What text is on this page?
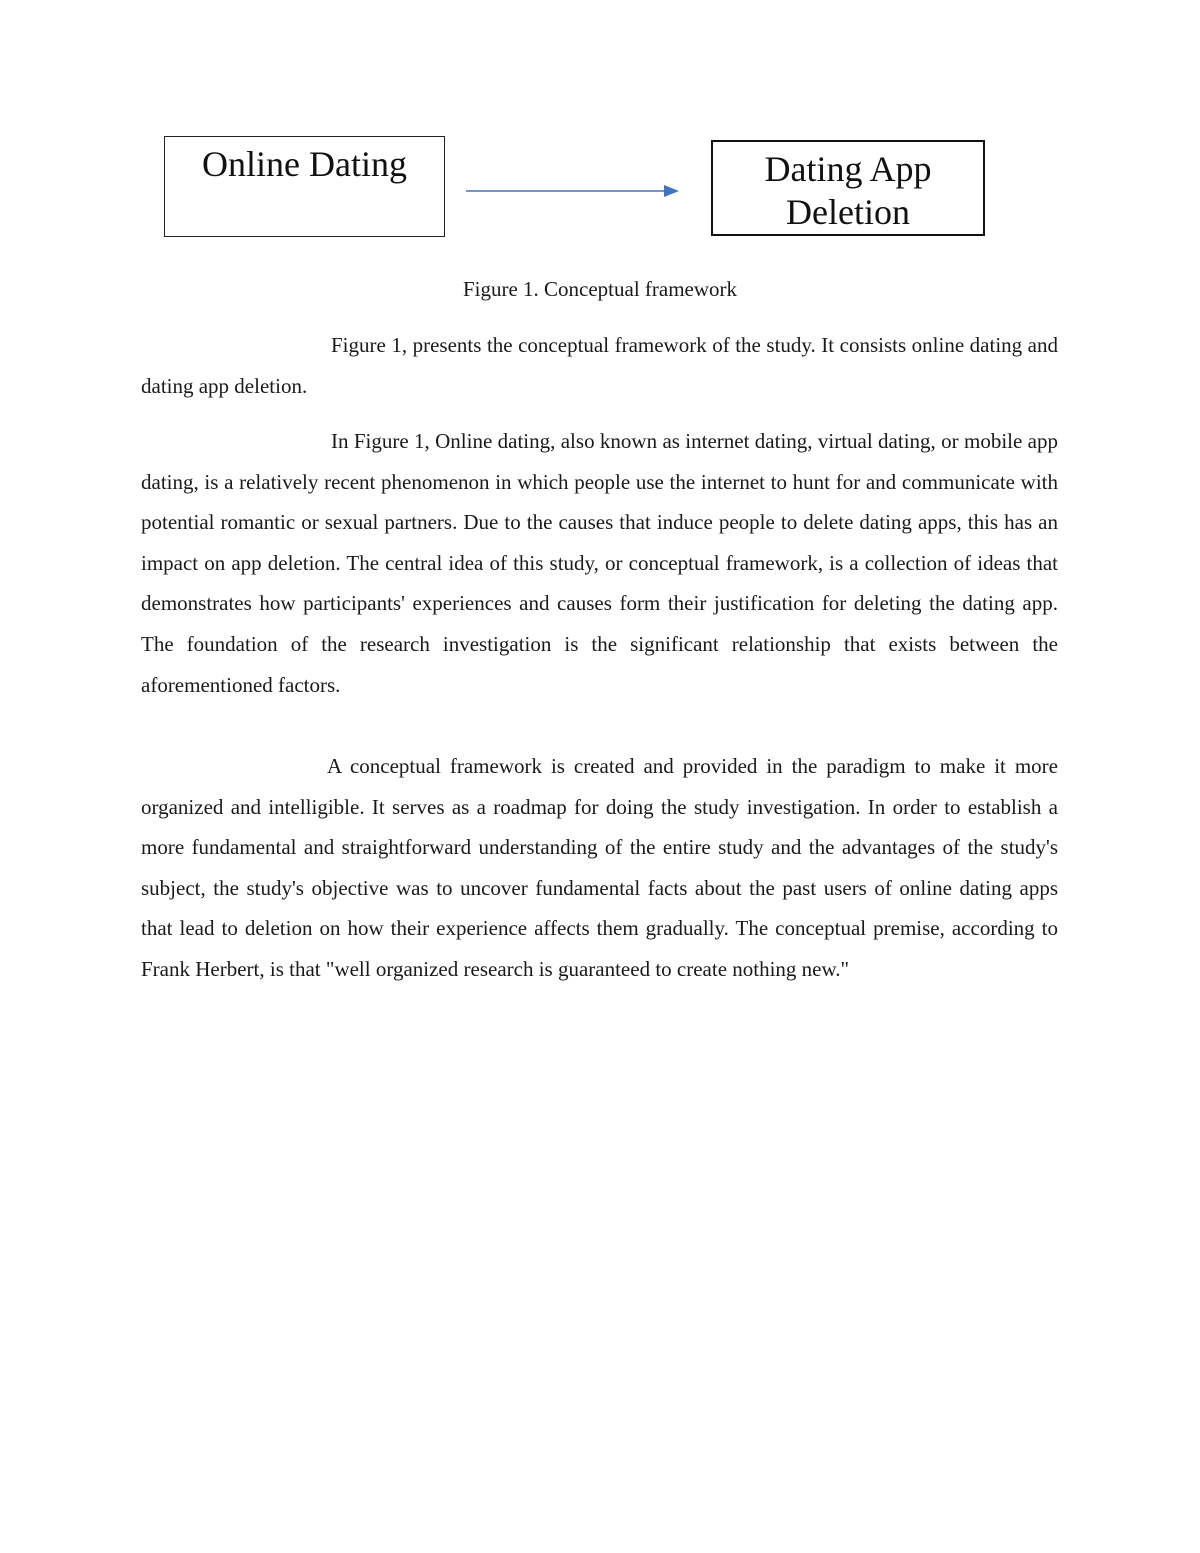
Online Dating	Dating App
Deletion
Figure 1. Conceptual framework

Figure 1, presents the conceptual framework of the study. It consists online dating and dating app deletion.

In Figure 1, Online dating, also known as internet dating, virtual dating, or mobile app dating, is a relatively recent phenomenon in which people use the internet to hunt for and communicate with potential romantic or sexual partners. Due to the causes that induce people to delete dating apps, this has an impact on app deletion. The central idea of this study, or conceptual framework, is a collection of ideas that demonstrates how participants' experiences and causes form their justification for deleting the dating app. The foundation of the research investigation is the significant relationship that exists between the aforementioned factors.

A conceptual framework is created and provided in the paradigm to make it more organized and intelligible. It serves as a roadmap for doing the study investigation. In order to establish a more fundamental and straightforward understanding of the entire study and the advantages of the study's subject, the study's objective was to uncover fundamental facts about the past users of online dating apps that lead to deletion on how their experience affects them gradually. The conceptual premise, according to Frank Herbert, is that "well organized research is guaranteed to create nothing new."
